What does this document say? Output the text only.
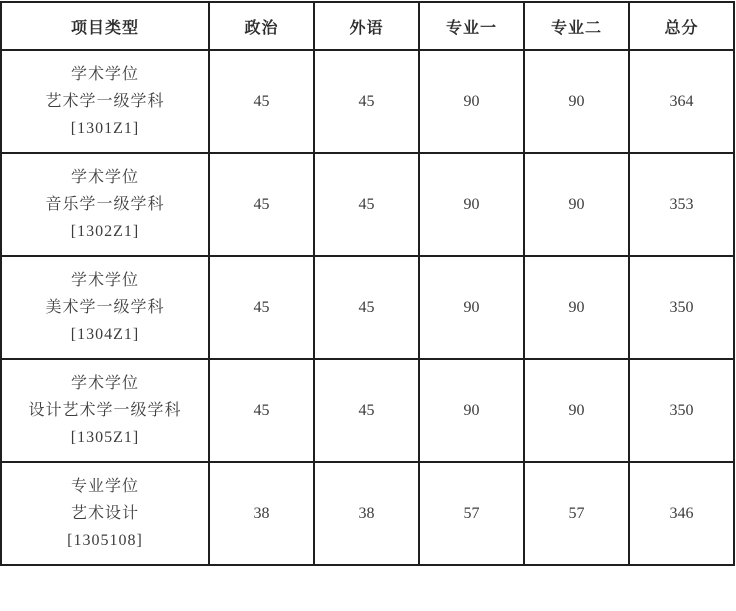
项目类型	政治	外语	专业一	专业二	总分

学术学位
艺术学一级学科
[1301Z1]	45	45	90	90	364

学术学位
音乐学一级学科
[1302Z1]	45	45	90	90	353

学术学位
美术学一级学科
[1304Z1]	45	45	90	90	350

学术学位
设计艺术学一级学科
[1305Z1]	45	45	90	90	350

专业学位
艺术设计
[1305108]	38	38	57	57	346
